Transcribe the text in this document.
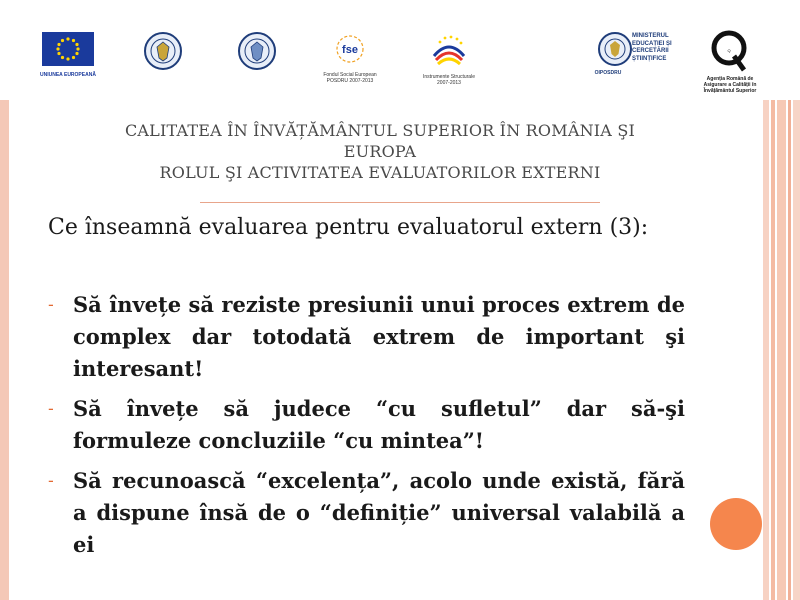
UNIUNEA EUROPEANĂ
fse
Fondul Social European
POSDRU 2007-2013
Instrumente Structurale
2007-2013
MINISTERUL
EDUCAȚIEI ȘI
CERCETĂRII
ȘTIINȚIFICE
OIPOSDRU
Q
Agenția Română de
Asigurare a Calității în
Învățământul Superior
CALITATEA ÎN ÎNVĂȚĂMÂNTUL SUPERIOR ÎN ROMÂNIA ŞI
EUROPA
ROLUL ŞI ACTIVITATEA EVALUATORILOR EXTERNI

Ce înseamnă evaluarea pentru evaluatorul extern (3):

- Să învețe să reziste presiunii unui proces extrem de complex dar totodată extrem de important şi interesant!
- Să învețe să judece “cu sufletul” dar să-şi formuleze concluziile “cu mintea”!
- Să recunoască “excelența”, acolo unde există, fără a dispune însă de o “definiție” universal valabilă a ei
